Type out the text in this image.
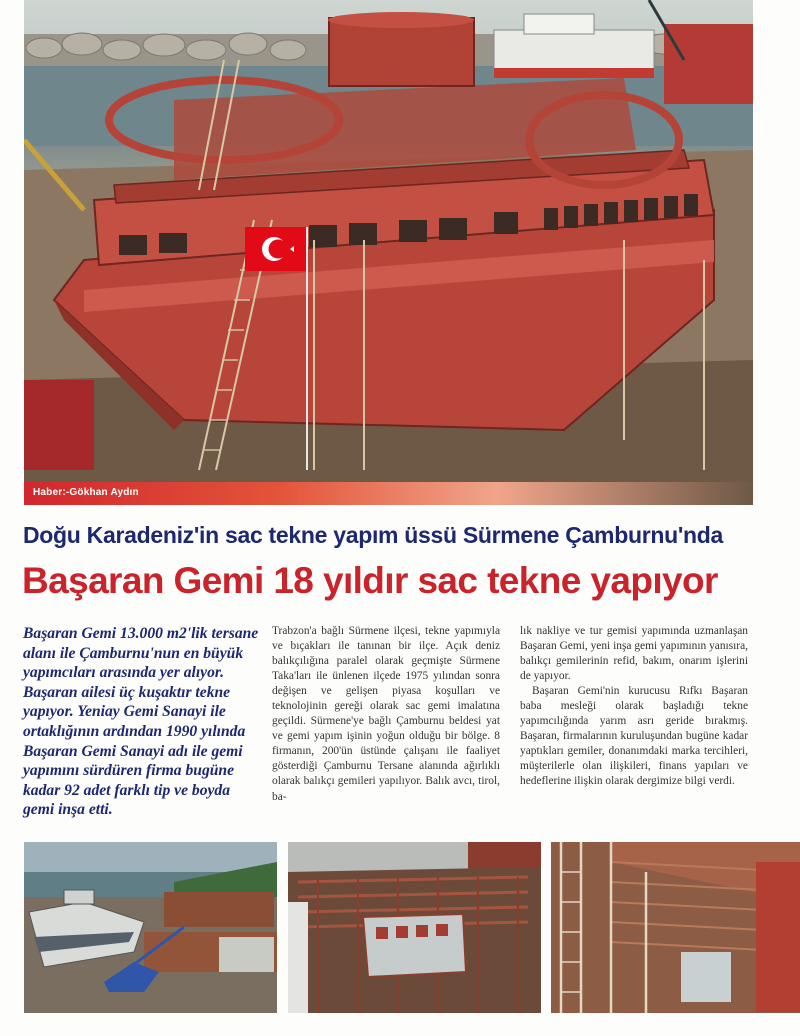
Haber:-Gökhan Aydın
Doğu Karadeniz'in sac tekne yapım üssü Sürmene Çamburnu'nda
Başaran Gemi 18 yıldır sac tekne yapıyor
Başaran Gemi 13.000 m2'lik tersane alanı ile Çamburnu'nun en büyük yapımcıları arasında yer alıyor. Başaran ailesi üç kuşaktır tekne yapıyor. Yeniay Gemi Sanayi ile ortaklığının ardından 1990 yılında Başaran Gemi Sanayi adı ile gemi yapımını sürdüren firma bugüne kadar 92 adet farklı tip ve boyda gemi inşa etti.

Trabzon'a bağlı Sürmene ilçesi, tekne yapımıyla ve bıçakları ile tanınan bir ilçe. Açık deniz balıkçılığına paralel olarak geçmişte Sürmene Taka'ları ile ünlenen ilçede 1975 yılından sonra değişen ve gelişen piyasa koşulları ve teknolojinin gereği olarak sac gemi imalatına geçildi. Sürmene'ye bağlı Çamburnu beldesi yat ve gemi yapım işinin yoğun olduğu bir bölge. 8 firmanın, 200'ün üstünde çalışanı ile faaliyet gösterdiği Çamburnu Tersane alanında ağırlıklı olarak balıkçı gemileri yapılıyor. Balık avcı, tirol, ba-

lık nakliye ve tur gemisi yapımında uzmanlaşan Başaran Gemi, yeni inşa gemi yapımının yanısıra, balıkçı gemilerinin refid, bakım, onarım işlerini de yapıyor.

Başaran Gemi'nin kurucusu Rıfkı Başaran baba mesleği olarak başladığı tekne yapımcılığında yarım asrı geride bırakmış. Başaran, firmalarının kuruluşundan bugüne kadar yaptıkları gemiler, donanımdaki marka tercihleri, müşterilerle olan ilişkileri, finans yapıları ve hedeflerine ilişkin olarak dergimize bilgi verdi.
